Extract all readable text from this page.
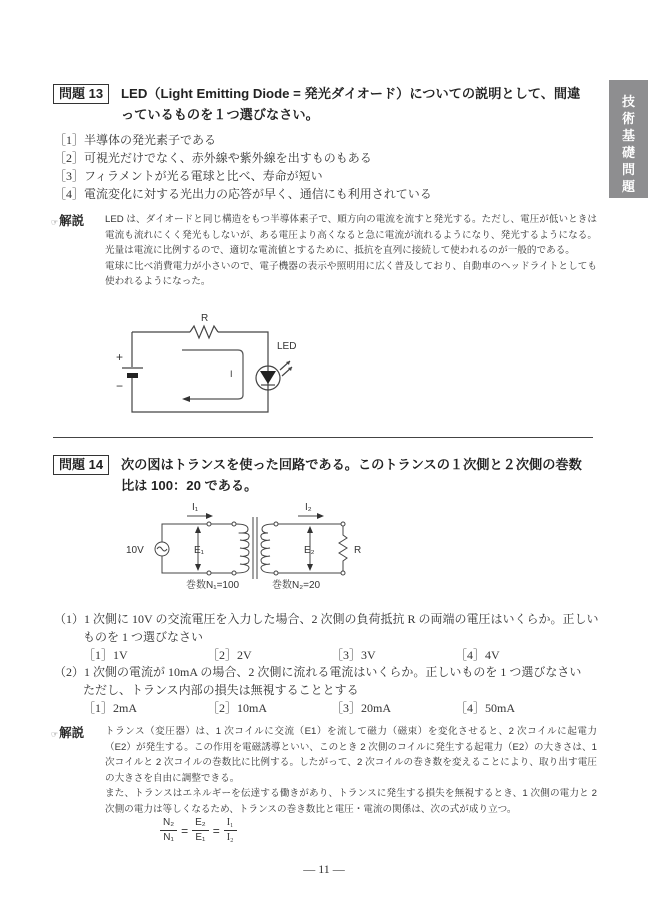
技
術
基
礎
問
題
問題 13	LED（Light Emitting Diode = 発光ダイオード）についての説明として、間違っているものを１つ選びなさい。
［1］半導体の発光素子である
［2］可視光だけでなく、赤外線や紫外線を出すものもある
［3］フィラメントが光る電球と比べ、寿命が短い
［4］電流変化に対する光出力の応答が早く、通信にも利用されている
☞解説 LED は、ダイオードと同じ構造をもつ半導体素子で、順方向の電流を流すと発光する。ただし、電圧が低いときは電流も流れにくく発光もしないが、ある電圧より高くなると急に電流が流れるようになり、発光するようになる。光量は電流に比例するので、適切な電流値とするために、抵抗を直列に接続して使われるのが一般的である。

電球に比べ消費電力が小さいので、電子機器の表示や照明用に広く普及しており、自動車のヘッドライトとしても使われるようになった。

R
LED
I
+
−
問題 14	次の図はトランスを使った回路である。このトランスの１次側と２次側の巻数比は 100：20 である。
10V
I₁	I₂
E₁	E₂	R
巻数N₁=100	巻数N₂=20
（1）1 次側に 10V の交流電圧を入力した場合、2 次側の負荷抵抗 R の両端の電圧はいくらか。正しい
ものを 1 つ選びなさい
［1］1V	［2］2V	［3］3V	［4］4V
（2）1 次側の電流が 10mA の場合、2 次側に流れる電流はいくらか。正しいものを 1 つ選びなさい
ただし、トランス内部の損失は無視することとする
［1］2mA	［2］10mA	［3］20mA	［4］50mA
☞解説 トランス（変圧器）は、1 次コイルに交流（E1）を流して磁力（磁束）を変化させると、2 次コイルに起電力（E2）が発生する。この作用を電磁誘導といい、このとき 2 次側のコイルに発生する起電力（E2）の大きさは、1 次コイルと 2 次コイルの巻数比に比例する。したがって、2 次コイルの巻き数を変えることにより、取り出す電圧の大きさを自由に調整できる。

また、トランスはエネルギーを伝達する働きがあり、トランスに発生する損失を無視するとき、1 次側の電力と 2 次側の電力は等しくなるため、トランスの巻き数比と電圧・電流の関係は、次の式が成り立つ。

$\frac{\text{N₂}}{\text{N₁}} = \frac{\text{E₂}}{\text{E₁}} = \frac{\text{I₁}}{\text{I₂}}$
— 11 —
